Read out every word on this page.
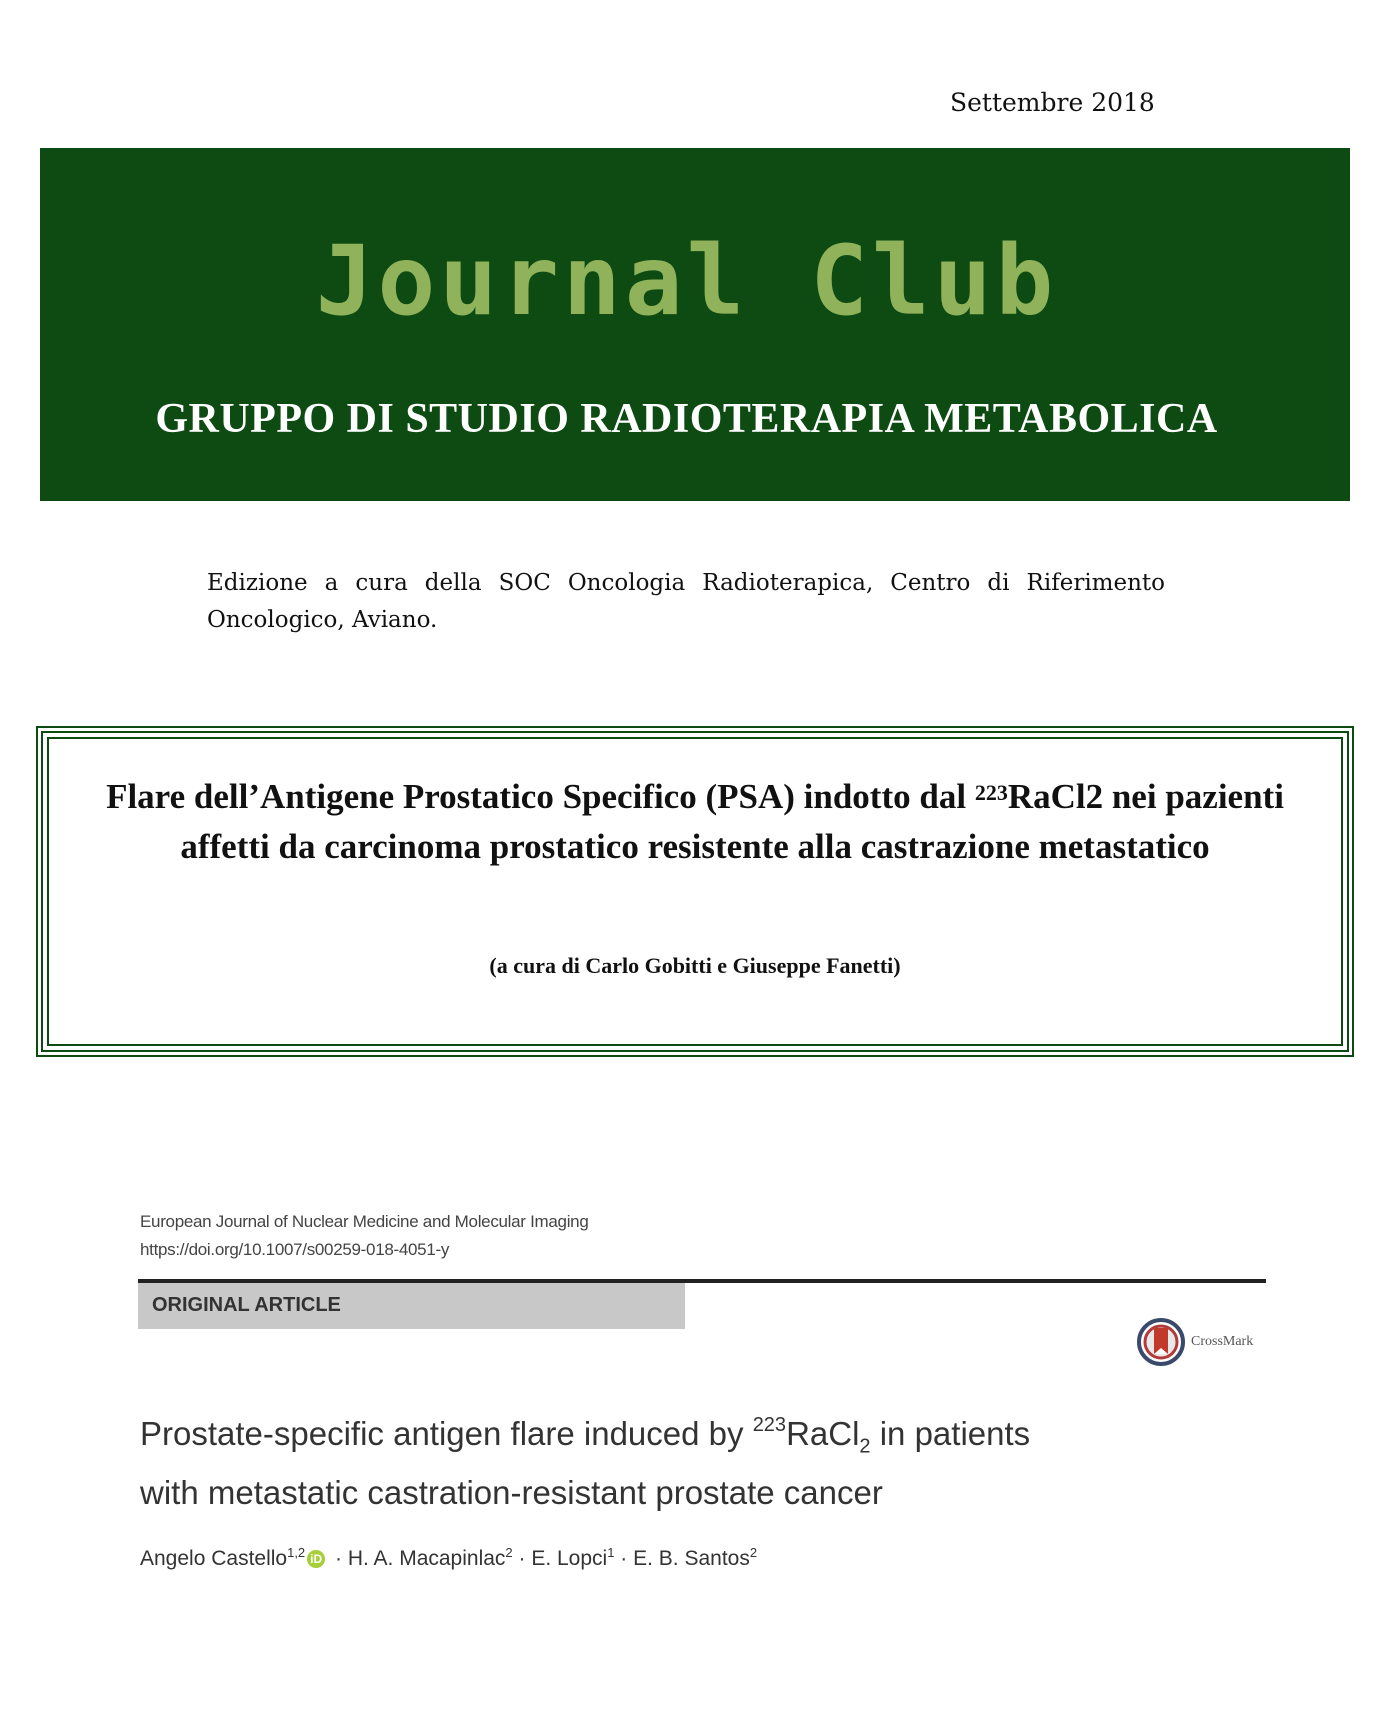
Settembre 2018
Journal Club
GRUPPO DI STUDIO RADIOTERAPIA METABOLICA
Edizione a cura della SOC Oncologia Radioterapica, Centro di Riferimento Oncologico, Aviano.
Flare dell’Antigene Prostatico Specifico (PSA) indotto dal $^{223}$RaCl2 nei pazienti affetti da carcinoma prostatico resistente alla castrazione metastatico
(a cura di Carlo Gobitti e Giuseppe Fanetti)
European Journal of Nuclear Medicine and Molecular Imaging
https://doi.org/10.1007/s00259-018-4051-y
ORIGINAL ARTICLE
CrossMark
Prostate-specific antigen flare induced by $^{223}$RaCl$_2$ in patients
with metastatic castration-resistant prostate cancer
Angelo Castello$^{1,2}$ iD · H. A. Macapinlac$^2$ · E. Lopci$^1$ · E. B. Santos$^2$
